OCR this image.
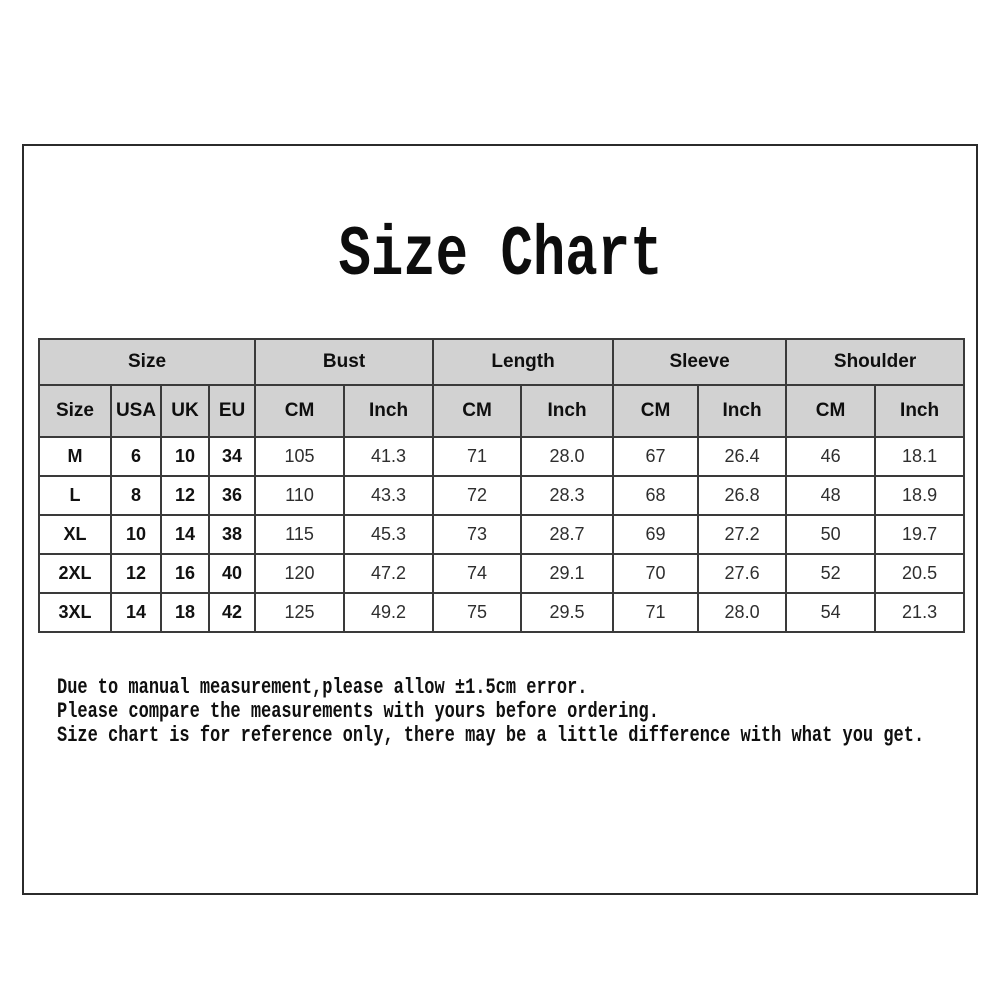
Size Chart
Size				Bust		Length		Sleeve		Shoulder	
Size	USA	UK	EU	CM	Inch	CM	Inch	CM	Inch	CM	Inch
M	6	10	34	105	41.3	71	28.0	67	26.4	46	18.1
L	8	12	36	110	43.3	72	28.3	68	26.8	48	18.9
XL	10	14	38	115	45.3	73	28.7	69	27.2	50	19.7
2XL	12	16	40	120	47.2	74	29.1	70	27.6	52	20.5
3XL	14	18	42	125	49.2	75	29.5	71	28.0	54	21.3
Due to manual measurement,please allow ±1.5cm error.
Please compare the measurements with yours before ordering.
Size chart is for reference only, there may be a little difference with what you get.
